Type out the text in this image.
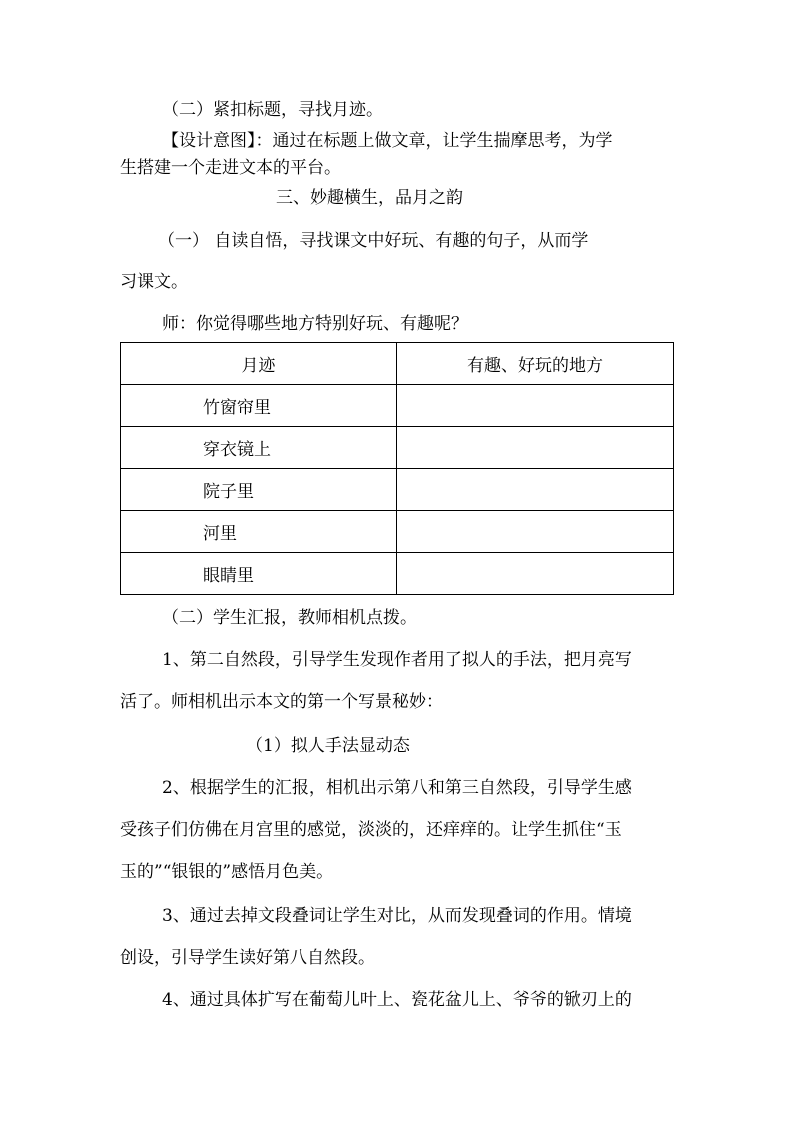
（二）紧扣标题，寻找月迹。
【设计意图】：通过在标题上做文章，让学生揣摩思考，为学
生搭建一个走进文本的平台。
三、妙趣横生，品月之韵
（一） 自读自悟，寻找课文中好玩、有趣的句子，从而学
习课文。
师：你觉得哪些地方特别好玩、有趣呢？
月迹	有趣、好玩的地方
竹窗帘里	
穿衣镜上	
院子里	
河里	
眼睛里	
（二）学生汇报，教师相机点拨。
1、第二自然段，引导学生发现作者用了拟人的手法，把月亮写
活了。师相机出示本文的第一个写景秘妙：
（1）拟人手法显动态
2、根据学生的汇报，相机出示第八和第三自然段，引导学生感
受孩子们仿佛在月宫里的感觉，淡淡的，还痒痒的。让学生抓住“玉
玉的”“银银的”感悟月色美。
3、通过去掉文段叠词让学生对比，从而发现叠词的作用。情境
创设，引导学生读好第八自然段。
4、通过具体扩写在葡萄儿叶上、瓷花盆儿上、爷爷的锨刃上的
